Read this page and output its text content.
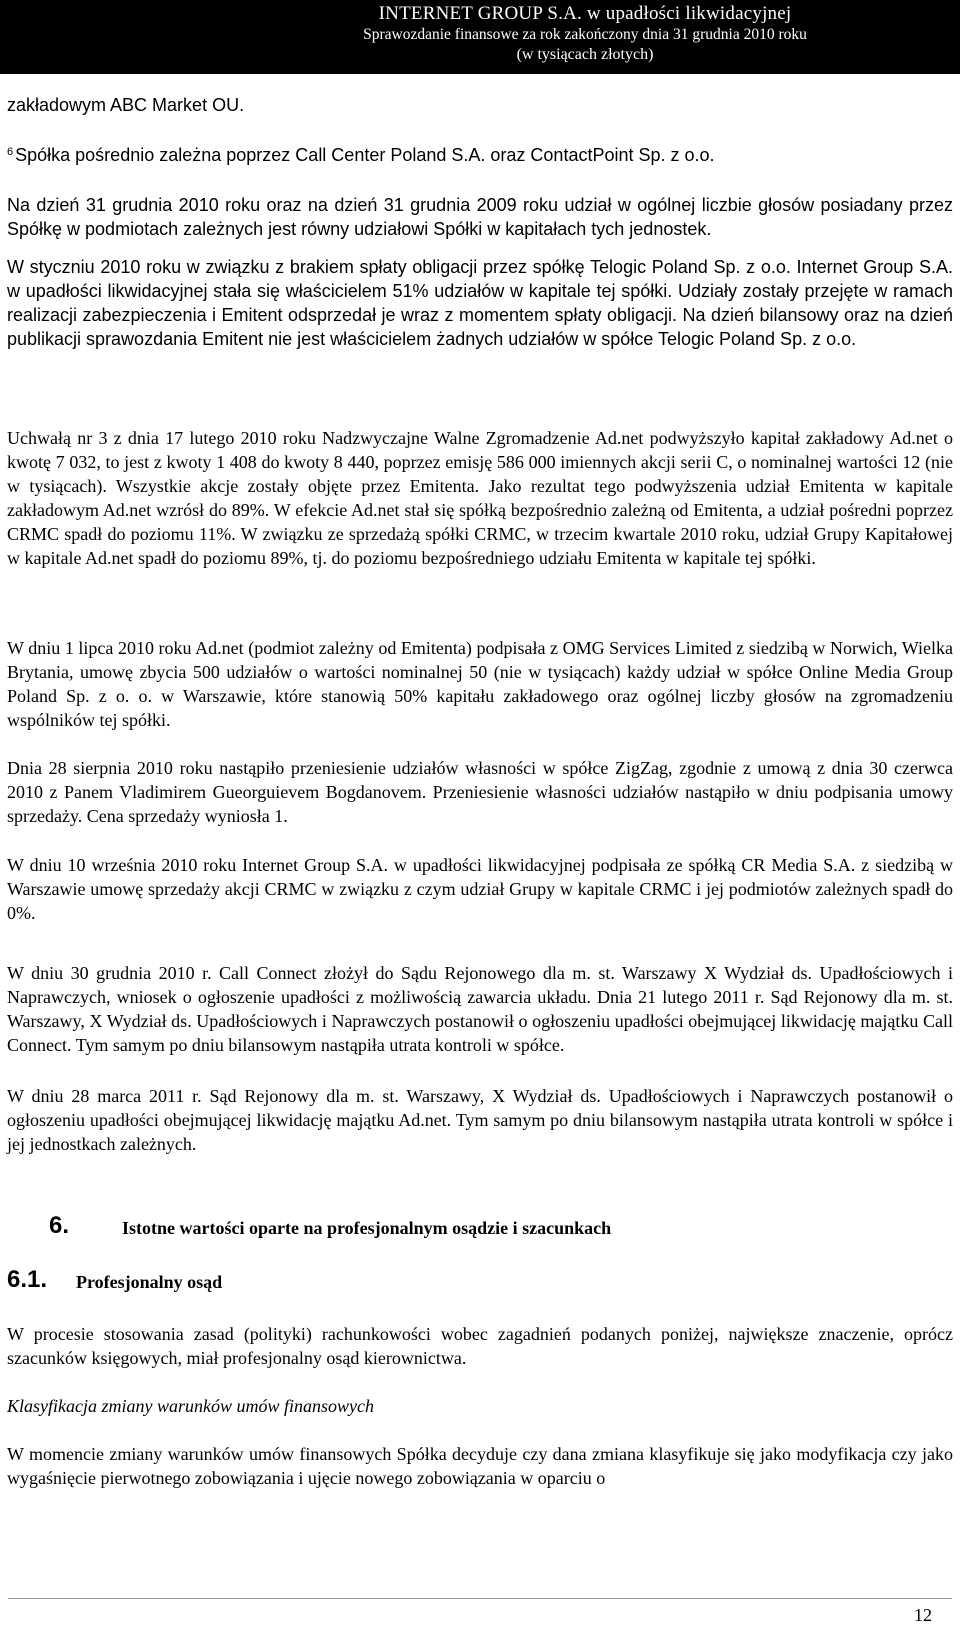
INTERNET GROUP S.A. w upadłości likwidacyjnej
Sprawozdanie finansowe za rok zakończony dnia 31 grudnia 2010 roku
(w tysiącach złotych)

zakładowym ABC Market OU.

$^6$ Spółka pośrednio zależna poprzez Call Center Poland S.A. oraz ContactPoint Sp. z o.o.

Na dzień 31 grudnia 2010 roku oraz na dzień 31 grudnia 2009 roku udział w ogólnej liczbie głosów posiadany przez Spółkę w podmiotach zależnych jest równy udziałowi Spółki w kapitałach tych jednostek.

W styczniu 2010 roku w związku z brakiem spłaty obligacji przez spółkę Telogic Poland Sp. z o.o. Internet Group S.A. w upadłości likwidacyjnej stała się właścicielem 51% udziałów w kapitale tej spółki. Udziały zostały przejęte w ramach realizacji zabezpieczenia i Emitent odsprzedał je wraz z momentem spłaty obligacji. Na dzień bilansowy oraz na dzień publikacji sprawozdania Emitent nie jest właścicielem żadnych udziałów w spółce Telogic Poland Sp. z o.o.

Uchwałą nr 3 z dnia 17 lutego 2010 roku Nadzwyczajne Walne Zgromadzenie Ad.net podwyższyło kapitał zakładowy Ad.net o kwotę 7 032, to jest z kwoty 1 408 do kwoty 8 440, poprzez emisję 586 000 imiennych akcji serii C, o nominalnej wartości 12 (nie w tysiącach). Wszystkie akcje zostały objęte przez Emitenta. Jako rezultat tego podwyższenia udział Emitenta w kapitale zakładowym Ad.net wzrósł do 89%. W efekcie Ad.net stał się spółką bezpośrednio zależną od Emitenta, a udział pośredni poprzez CRMC spadł do poziomu 11%. W związku ze sprzedażą spółki CRMC, w trzecim kwartale 2010 roku, udział Grupy Kapitałowej w kapitale Ad.net spadł do poziomu 89%, tj. do poziomu bezpośredniego udziału Emitenta w kapitale tej spółki.

W dniu 1 lipca 2010 roku Ad.net (podmiot zależny od Emitenta) podpisała z OMG Services Limited z siedzibą w Norwich, Wielka Brytania, umowę zbycia 500 udziałów o wartości nominalnej 50 (nie w tysiącach) każdy udział w spółce Online Media Group Poland Sp. z o. o. w Warszawie, które stanowią 50% kapitału zakładowego oraz ogólnej liczby głosów na zgromadzeniu wspólników tej spółki.

Dnia 28 sierpnia 2010 roku nastąpiło przeniesienie udziałów własności w spółce ZigZag, zgodnie z umową z dnia 30 czerwca 2010 z Panem Vladimirem Gueorguievem Bogdanovem. Przeniesienie własności udziałów nastąpiło w dniu podpisania umowy sprzedaży. Cena sprzedaży wyniosła 1.

W dniu 10 września 2010 roku Internet Group S.A. w upadłości likwidacyjnej podpisała ze spółką CR Media S.A. z siedzibą w Warszawie umowę sprzedaży akcji CRMC w związku z czym udział Grupy w kapitale CRMC i jej podmiotów zależnych spadł do 0%.

W dniu 30 grudnia 2010 r. Call Connect złożył do Sądu Rejonowego dla m. st. Warszawy X Wydział ds. Upadłościowych i Naprawczych, wniosek o ogłoszenie upadłości z możliwością zawarcia układu. Dnia 21 lutego 2011 r. Sąd Rejonowy dla m. st. Warszawy, X Wydział ds. Upadłościowych i Naprawczych postanowił o ogłoszeniu upadłości obejmującej likwidację majątku Call Connect. Tym samym po dniu bilansowym nastąpiła utrata kontroli w spółce.

W dniu 28 marca 2011 r. Sąd Rejonowy dla m. st. Warszawy, X Wydział ds. Upadłościowych i Naprawczych postanowił o ogłoszeniu upadłości obejmującej likwidację majątku Ad.net. Tym samym po dniu bilansowym nastąpiła utrata kontroli w spółce i jej jednostkach zależnych.

6.	Istotne wartości oparte na profesjonalnym osądzie i szacunkach
6.1. Profesjonalny osąd

W procesie stosowania zasad (polityki) rachunkowości wobec zagadnień podanych poniżej, największe znaczenie, oprócz szacunków księgowych, miał profesjonalny osąd kierownictwa.

Klasyfikacja zmiany warunków umów finansowych

W momencie zmiany warunków umów finansowych Spółka decyduje czy dana zmiana klasyfikuje się jako modyfikacja czy jako wygaśnięcie pierwotnego zobowiązania i ujęcie nowego zobowiązania w oparciu o

12
